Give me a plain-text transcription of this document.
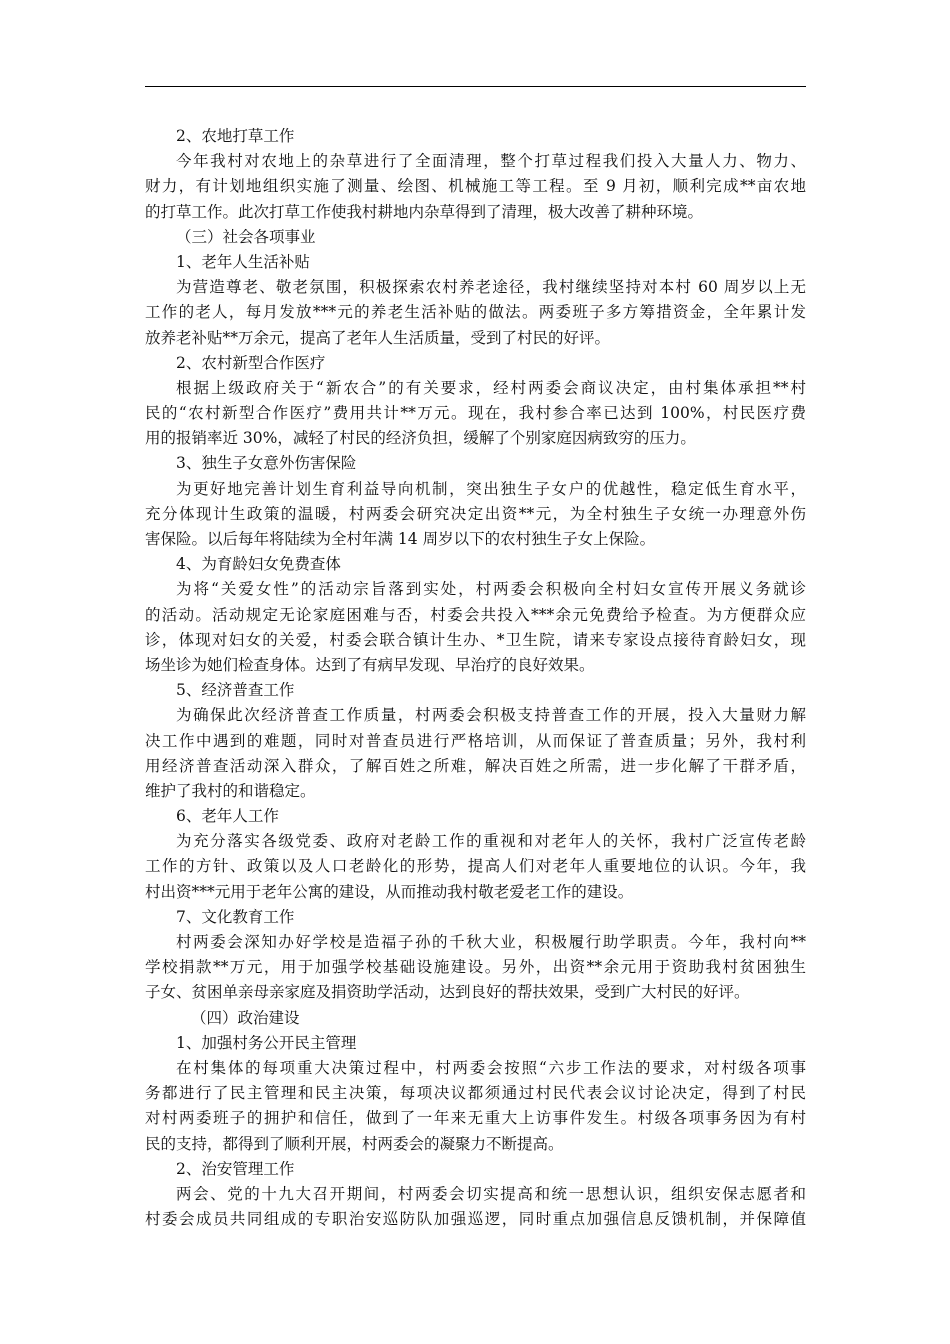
2、农地打草工作
今年我村对农地上的杂草进行了全面清理，整个打草过程我们投入大量人力、物力、
财力，有计划地组织实施了测量、绘图、机械施工等工程。至 9 月初，顺利完成**亩农地
的打草工作。此次打草工作使我村耕地内杂草得到了清理，极大改善了耕种环境。
（三）社会各项事业
1、老年人生活补贴
为营造尊老、敬老氛围，积极探索农村养老途径，我村继续坚持对本村 60 周岁以上无
工作的老人，每月发放***元的养老生活补贴的做法。两委班子多方筹措资金，全年累计发
放养老补贴**万余元，提高了老年人生活质量，受到了村民的好评。
2、农村新型合作医疗
根据上级政府关于“新农合”的有关要求，经村两委会商议决定，由村集体承担**村
民的“农村新型合作医疗”费用共计**万元。现在，我村参合率已达到 100%，村民医疗费
用的报销率近 30%，减轻了村民的经济负担，缓解了个别家庭因病致穷的压力。
3、独生子女意外伤害保险
为更好地完善计划生育利益导向机制，突出独生子女户的优越性，稳定低生育水平，
充分体现计生政策的温暖，村两委会研究决定出资**元，为全村独生子女统一办理意外伤
害保险。以后每年将陆续为全村年满 14 周岁以下的农村独生子女上保险。
4、为育龄妇女免费查体
为将“关爱女性”的活动宗旨落到实处，村两委会积极向全村妇女宣传开展义务就诊
的活动。活动规定无论家庭困难与否，村委会共投入***余元免费给予检查。为方便群众应
诊，体现对妇女的关爱，村委会联合镇计生办、*卫生院，请来专家设点接待育龄妇女，现
场坐诊为她们检查身体。达到了有病早发现、早治疗的良好效果。
5、经济普查工作
为确保此次经济普查工作质量，村两委会积极支持普查工作的开展，投入大量财力解
决工作中遇到的难题，同时对普查员进行严格培训，从而保证了普查质量；另外，我村利
用经济普查活动深入群众，了解百姓之所难，解决百姓之所需，进一步化解了干群矛盾，
维护了我村的和谐稳定。
6、老年人工作
为充分落实各级党委、政府对老龄工作的重视和对老年人的关怀，我村广泛宣传老龄
工作的方针、政策以及人口老龄化的形势，提高人们对老年人重要地位的认识。今年，我
村出资***元用于老年公寓的建设，从而推动我村敬老爱老工作的建设。
7、文化教育工作
村两委会深知办好学校是造福子孙的千秋大业，积极履行助学职责。今年，我村向**
学校捐款**万元，用于加强学校基础设施建设。另外，出资**余元用于资助我村贫困独生
子女、贫困单亲母亲家庭及捐资助学活动，达到良好的帮扶效果，受到广大村民的好评。
（四）政治建设
1、加强村务公开民主管理
在村集体的每项重大决策过程中，村两委会按照“六步工作法的要求，对村级各项事
务都进行了民主管理和民主决策，每项决议都须通过村民代表会议讨论决定，得到了村民
对村两委班子的拥护和信任，做到了一年来无重大上访事件发生。村级各项事务因为有村
民的支持，都得到了顺利开展，村两委会的凝聚力不断提高。
2、治安管理工作
两会、党的十九大召开期间，村两委会切实提高和统一思想认识，组织安保志愿者和
村委会成员共同组成的专职治安巡防队加强巡逻，同时重点加强信息反馈机制，并保障值
